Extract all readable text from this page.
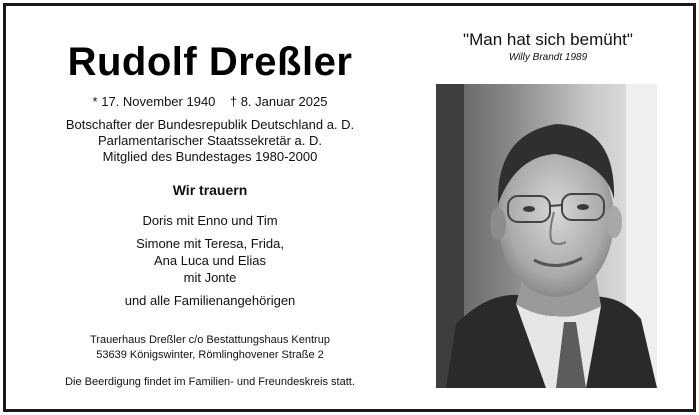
Rudolf Dreßler
* 17. November 1940 † 8. Januar 2025
Botschafter der Bundesrepublik Deutschland a. D.
Parlamentarischer Staatssekretär a. D.
Mitglied des Bundestages 1980-2000
Wir trauern
Doris mit Enno und Tim
Simone mit Teresa, Frida,
Ana Luca und Elias
mit Jonte
und alle Familienangehörigen
Trauerhaus Dreßler c/o Bestattungshaus Kentrup
53639 Königswinter, Römlinghovener Straße 2
Die Beerdigung findet im Familien- und Freundeskreis statt.
"Man hat sich bemüht"
Willy Brandt 1989
